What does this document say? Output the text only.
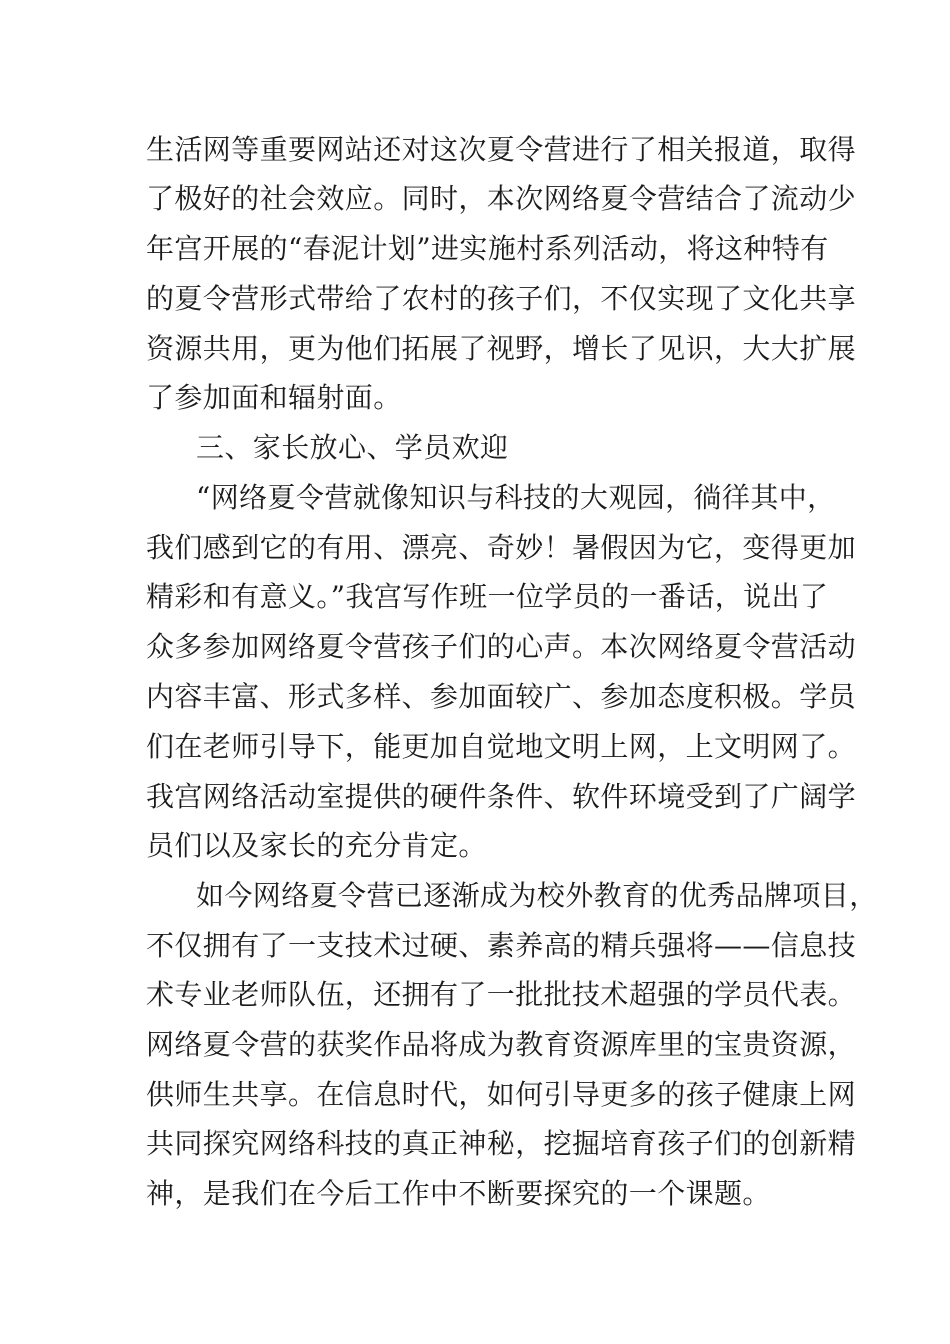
生活网等重要网站还对这次夏令营进行了相关报道，取得
了极好的社会效应。同时，本次网络夏令营结合了流动少
年宫开展的“春泥计划”进实施村系列活动，将这种特有
的夏令营形式带给了农村的孩子们，不仅实现了文化共享
资源共用，更为他们拓展了视野，增长了见识，大大扩展
了参加面和辐射面。
三、家长放心、学员欢迎
“网络夏令营就像知识与科技的大观园，徜徉其中，
我们感到它的有用、漂亮、奇妙！暑假因为它，变得更加
精彩和有意义。”我宫写作班一位学员的一番话，说出了
众多参加网络夏令营孩子们的心声。本次网络夏令营活动
内容丰富、形式多样、参加面较广、参加态度积极。学员
们在老师引导下，能更加自觉地文明上网，上文明网了。
我宫网络活动室提供的硬件条件、软件环境受到了广阔学
员们以及家长的充分肯定。
如今网络夏令营已逐渐成为校外教育的优秀品牌项目，
不仅拥有了一支技术过硬、素养高的精兵强将——信息技
术专业老师队伍，还拥有了一批批技术超强的学员代表。
网络夏令营的获奖作品将成为教育资源库里的宝贵资源，
供师生共享。在信息时代，如何引导更多的孩子健康上网
共同探究网络科技的真正神秘，挖掘培育孩子们的创新精
神，是我们在今后工作中不断要探究的一个课题。
